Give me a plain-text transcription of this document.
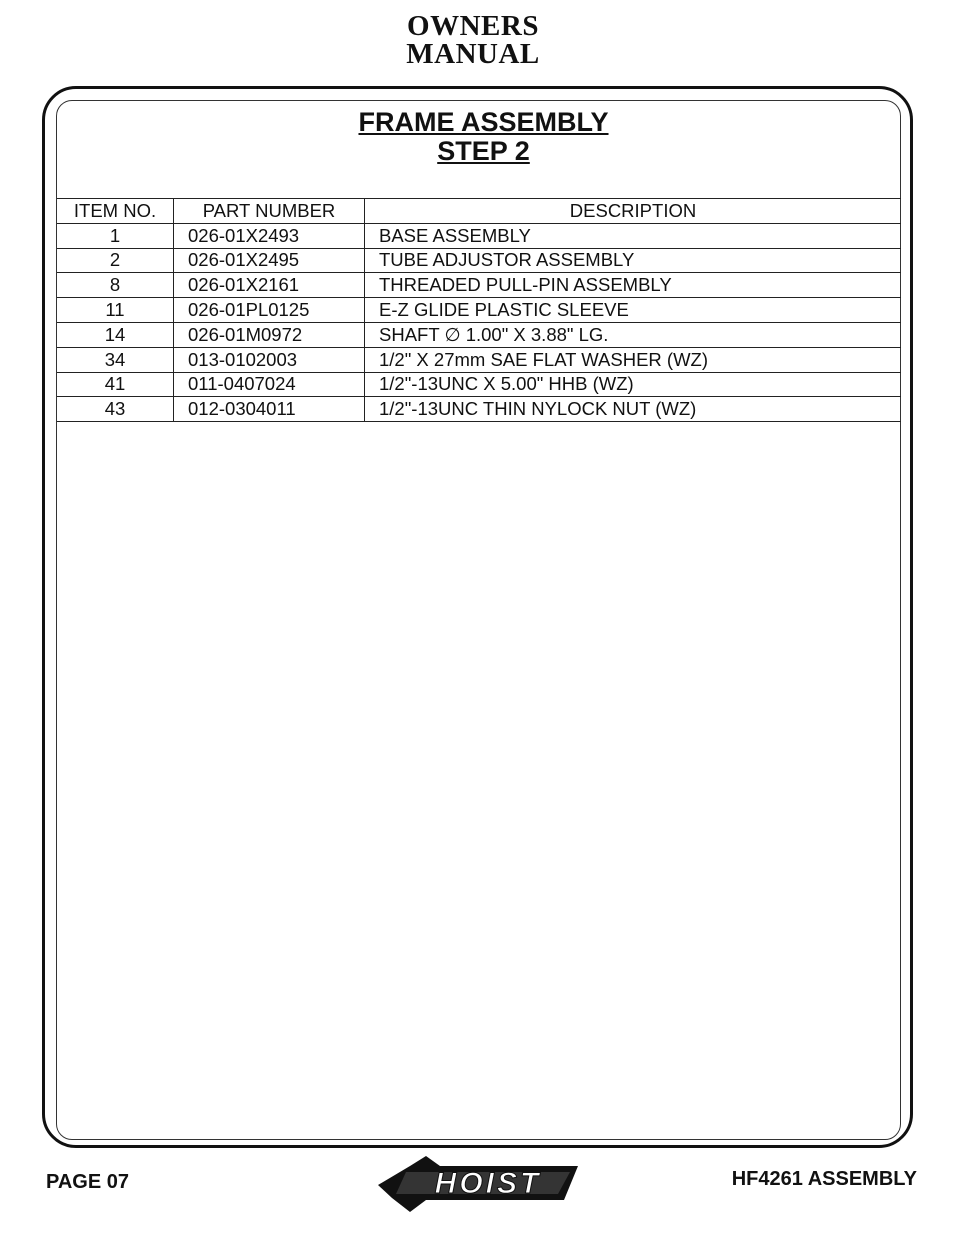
OWNERS
MANUAL
FRAME ASSEMBLY
STEP 2
ITEM NO.	PART NUMBER	DESCRIPTION
1	026-01X2493	BASE ASSEMBLY
2	026-01X2495	TUBE ADJUSTOR ASSEMBLY
8	026-01X2161	THREADED PULL-PIN ASSEMBLY
11	026-01PL0125	E-Z GLIDE PLASTIC SLEEVE
14	026-01M0972	SHAFT ∅ 1.00" X 3.88" LG.
34	013-0102003	1/2" X 27mm SAE FLAT WASHER (WZ)
41	011-0407024	1/2"-13UNC X 5.00" HHB (WZ)
43	012-0304011	1/2"-13UNC THIN NYLOCK NUT (WZ)
PAGE 07	HOIST	HF4261 ASSEMBLY
